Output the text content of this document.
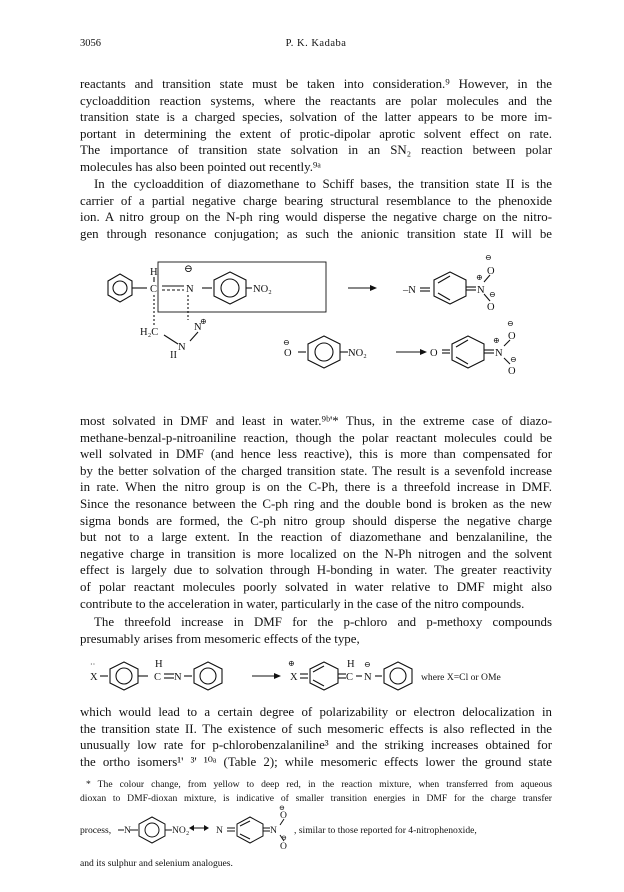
3056	P. K. Kadaba
reactants and transition state must be taken into consideration.⁹ However, in the
cycloaddition reaction systems, where the reactants are polar molecules and the
transition state is a charged species, solvation of the latter appears to be more im-
portant in determining the extent of protic-dipolar aprotic solvent effect on rate.
The importance of transition state solvation in an SN₂ reaction between polar
molecules has also been pointed out recently.⁹ᵃ
In the cycloaddition of diazomethane to Schiff bases, the transition state II is the
carrier of a partial negative charge bearing structural resemblance to the phenoxide
ion. A nitro group on the N-ph ring would disperse the negative charge on the nitro-
gen through resonance conjugation; as such the anionic transition state II will be
H
C
⊖
N	NO₂
H₂C
N
N
⊕
–N	N
⊕
⊖
O
O
⊖
II
⊖
O	NO₂	O	N
⊕
⊖
O
O
⊖
most solvated in DMF and least in water.⁹ᵇ'* Thus, in the extreme case of diazo-
methane-benzal-p-nitroaniline reaction, though the polar reactant molecules could be
well solvated in DMF (and hence less reactive), this is more than compensated for
by the better solvation of the charged transition state. The result is a sevenfold increase
in rate. When the nitro group is on the C-Ph, there is a threefold increase in DMF.
Since the resonance between the C-ph ring and the double bond is broken as the new
sigma bonds are formed, the C-ph nitro group should disperse the negative charge
but not to a large extent. In the reaction of diazomethane and benzalaniline, the
negative charge in transition is more localized on the N-Ph nitrogen and the solvent
effect is largely due to solvation through H-bonding in water. The greater reactivity
of polar reactant molecules poorly solvated in water relative to DMF might also
contribute to the acceleration in water, particularly in the case of the nitro compounds.
The threefold increase in DMF for the p-chloro and p-methoxy compounds
presumably arises from mesomeric effects of the type,
X
··	H
C N	X
⊕	H
C
⊖
N	where X=Cl or OMe
which would lead to a certain degree of polarizability or electron delocalization in
the transition state II. The existence of such mesomeric effects is also reflected in the
unusually low rate for p-chlorobenzalaniline³ and the striking increases obtained for
the ortho isomers¹' ³' ¹⁰ᵃ (Table 2); while mesomeric effects lower the ground state
* The colour change, from yellow to deep red, in the reaction mixture, when transferred from aqueous
dioxan to DMF-dioxan mixture, is indicative of smaller transition energies in DMF for the charge transfer
process, N	NO₂	N	N
⊖
O
O
⊖
, similar to those reported for 4-nitrophenoxide,
and its sulphur and selenium analogues.
